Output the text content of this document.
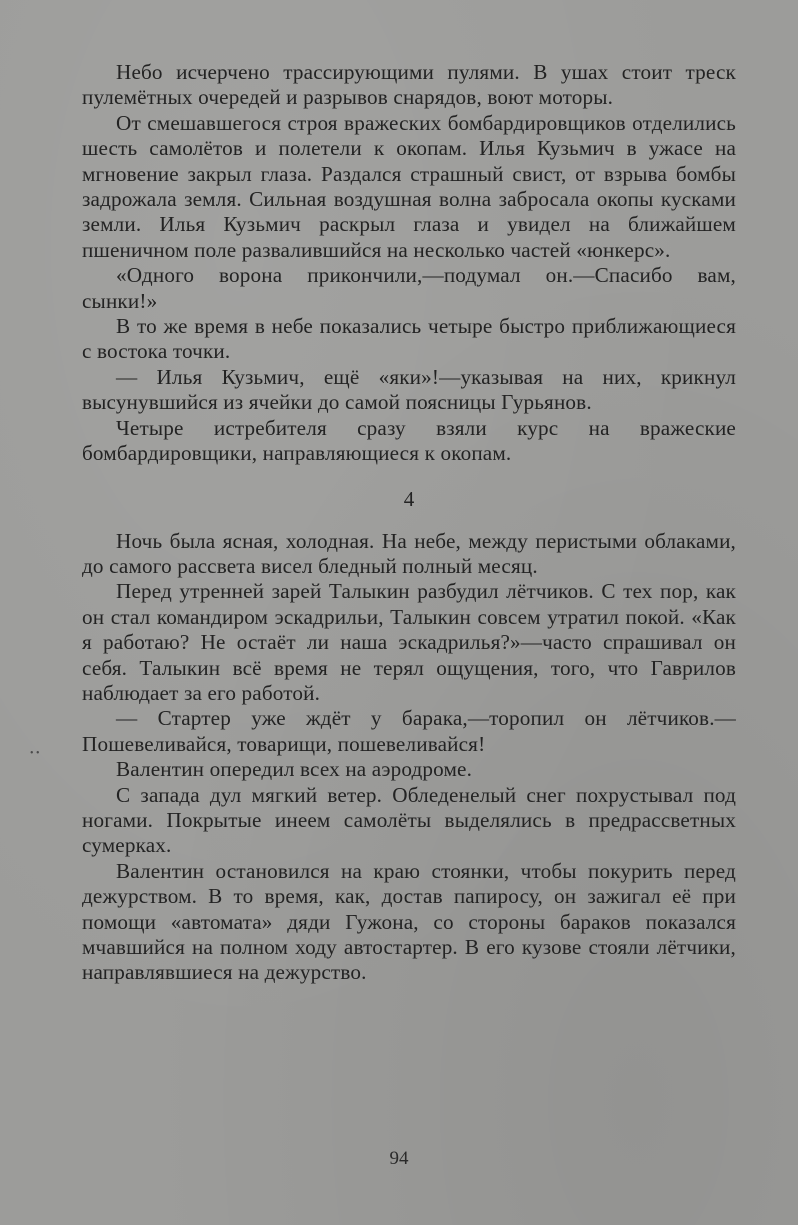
Небо исчерчено трассирующими пулями. В ушах стоит треск пулемётных очередей и разрывов снарядов, воют моторы.

От смешавшегося строя вражеских бомбардировщиков отделились шесть самолётов и полетели к окопам. Илья Кузьмич в ужасе на мгновение закрыл глаза. Раздался страшный свист, от взрыва бомбы задрожала земля. Сильная воздушная волна забросала окопы кусками земли. Илья Кузьмич раскрыл глаза и увидел на ближайшем пшеничном поле развалившийся на несколько частей «юнкерс».

«Одного ворона прикончили,—подумал он.—Спасибо вам, сынки!»

В то же время в небе показались четыре быстро приближающиеся с востока точки.

— Илья Кузьмич, ещё «яки»!—указывая на них, крикнул высунувшийся из ячейки до самой поясницы Гурьянов.

Четыре истребителя сразу взяли курс на вражеские бомбардировщики, направляющиеся к окопам.

4

Ночь была ясная, холодная. На небе, между перистыми облаками, до самого рассвета висел бледный полный месяц.

Перед утренней зарей Талыкин разбудил лётчиков. С тех пор, как он стал командиром эскадрильи, Талыкин совсем утратил покой. «Как я работаю? Не остаёт ли наша эскадрилья?»—часто спрашивал он себя. Талыкин всё время не терял ощущения, того, что Гаврилов наблюдает за его работой.

— Стартер уже ждёт у барака,—торопил он лётчиков.—Пошевеливайся, товарищи, пошевеливайся!

Валентин опередил всех на аэродроме.

С запада дул мягкий ветер. Обледенелый снег похрустывал под ногами. Покрытые инеем самолёты выделялись в предрассветных сумерках.

Валентин остановился на краю стоянки, чтобы покурить перед дежурством. В то время, как, достав папиросу, он зажигал её при помощи «автомата» дяди Гужона, со стороны бараков показался мчавшийся на полном ходу автостартер. В его кузове стояли лётчики, направлявшиеся на дежурство.

• •
94
